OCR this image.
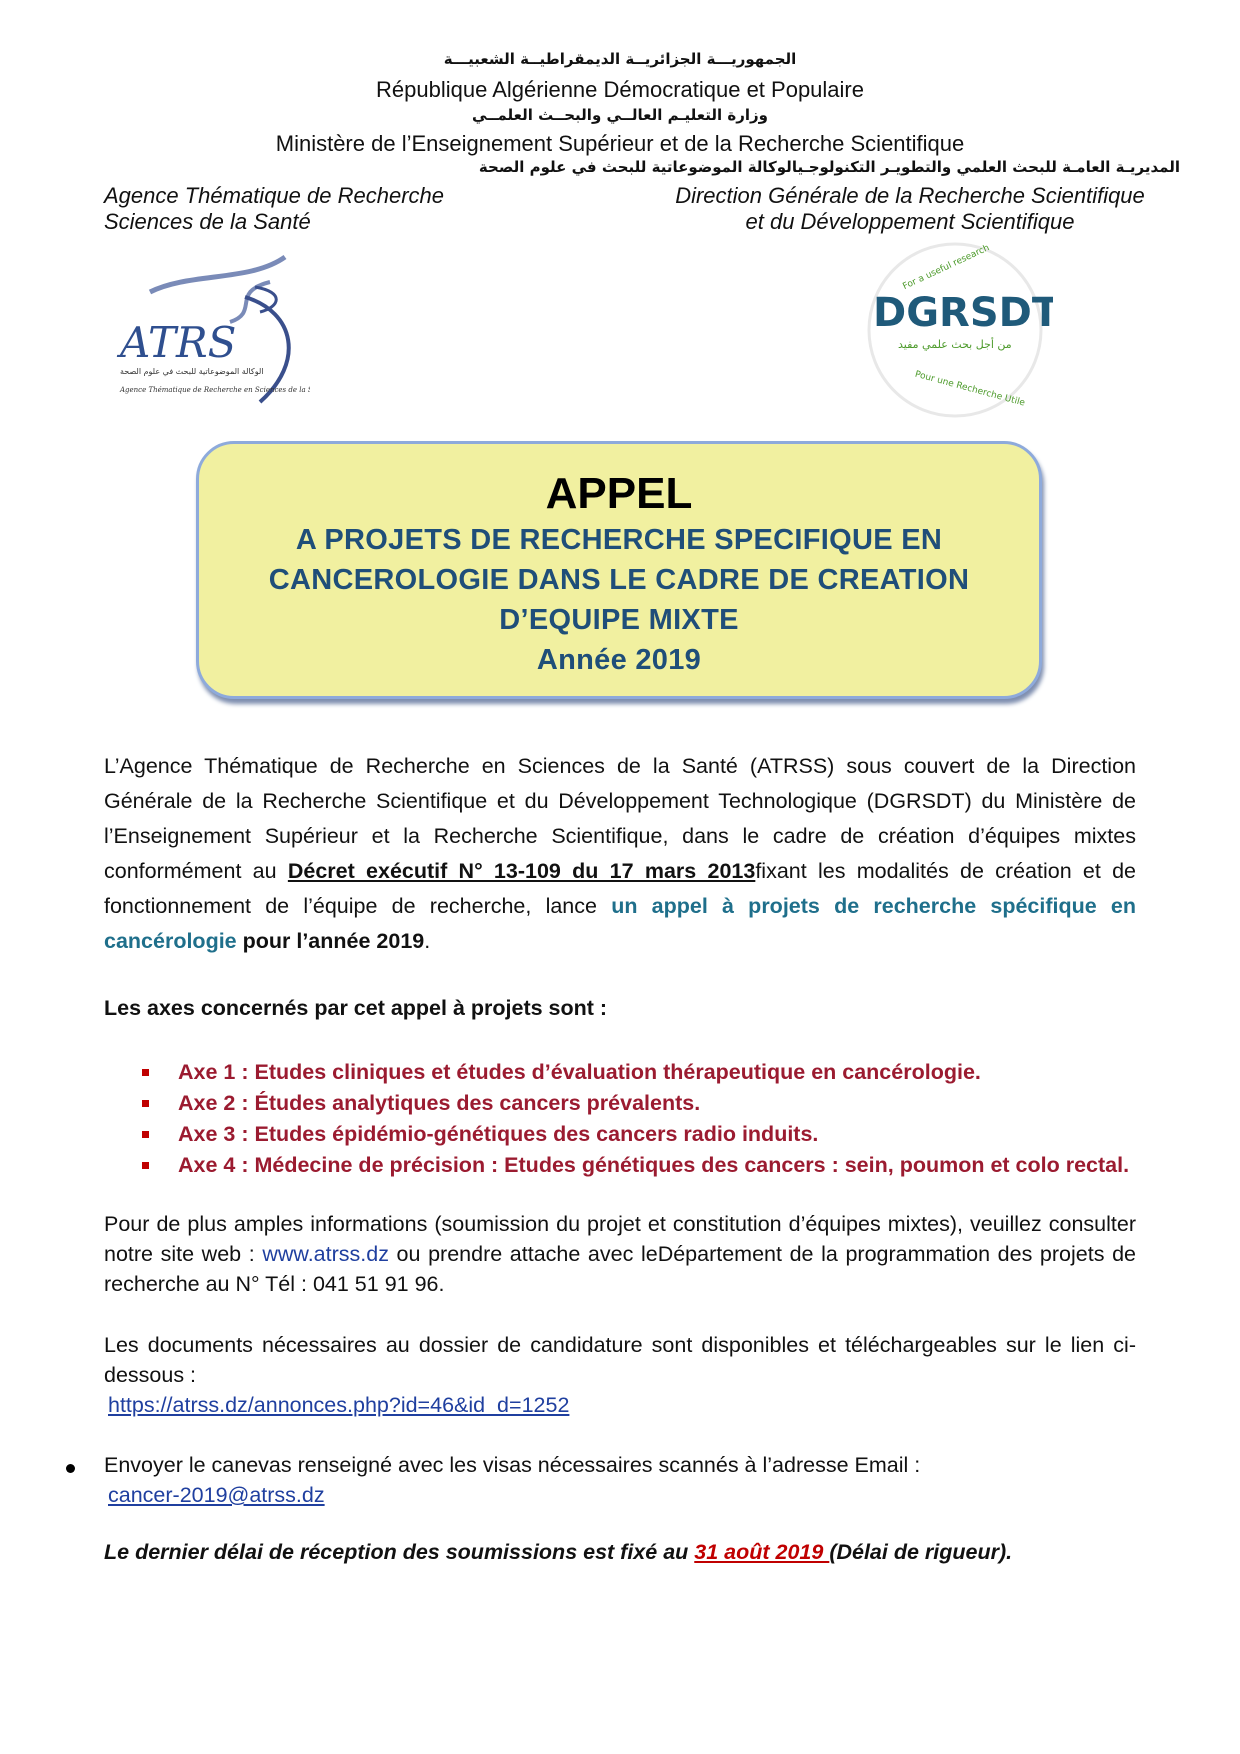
الجمهوريـــة الجزائريــة الديمقراطيــة الشعبيـــة
République Algérienne Démocratique et Populaire
وزارة التعليـم العالــي والبحــث العلمــي
Ministère de l’Enseignement Supérieur et de la Recherche Scientifique
المديريـة العامـة للبحث العلمي والتطويـر التكنولوجـيالوكالة الموضوعاتية للبحث في علوم الصحة
Agence Thématique de Recherche
Sciences de la Santé
Direction Générale de la Recherche Scientifique
et du Développement Scientifique
ATRS
الوكالة الموضوعاتية للبحث في علوم الصحة
Agence Thématique de Recherche en Sciences de la Santé
For a useful research
DGRSDT
من أجل بحث علمي مفيد
Pour une Recherche Utile
APPEL
A PROJETS DE RECHERCHE SPECIFIQUE EN
CANCEROLOGIE DANS LE CADRE DE CREATION
D’EQUIPE MIXTE
Année 2019
L’Agence Thématique de Recherche en Sciences de la Santé (ATRSS) sous couvert de la Direction Générale de la Recherche Scientifique et du Développement Technologique (DGRSDT) du Ministère de l’Enseignement Supérieur et la Recherche Scientifique, dans le cadre de création d’équipes mixtes conformément au Décret exécutif N° 13-109 du 17 mars 2013fixant les modalités de création et de fonctionnement de l’équipe de recherche, lance un appel à projets de recherche spécifique en cancérologie pour l’année 2019.
Les axes concernés par cet appel à projets sont :
Axe 1 : Etudes cliniques et études d’évaluation thérapeutique en cancérologie.
Axe 2 : Études analytiques des cancers prévalents.
Axe 3 : Etudes épidémio-génétiques des cancers radio induits.
Axe 4 : Médecine de précision : Etudes génétiques des cancers : sein, poumon et colo rectal.
Pour de plus amples informations (soumission du projet et constitution d’équipes mixtes), veuillez consulter notre site web : www.atrss.dz ou prendre attache avec leDépartement de la programmation des projets de recherche au N° Tél : 041 51 91 96.
Les documents nécessaires au dossier de candidature sont disponibles et téléchargeables sur le lien ci-dessous :
https://atrss.dz/annonces.php?id=46&id_d=1252
Envoyer le canevas renseigné avec les visas nécessaires scannés à l’adresse Email :
cancer-2019@atrss.dz
Le dernier délai de réception des soumissions est fixé au 31 août 2019 (Délai de rigueur).
